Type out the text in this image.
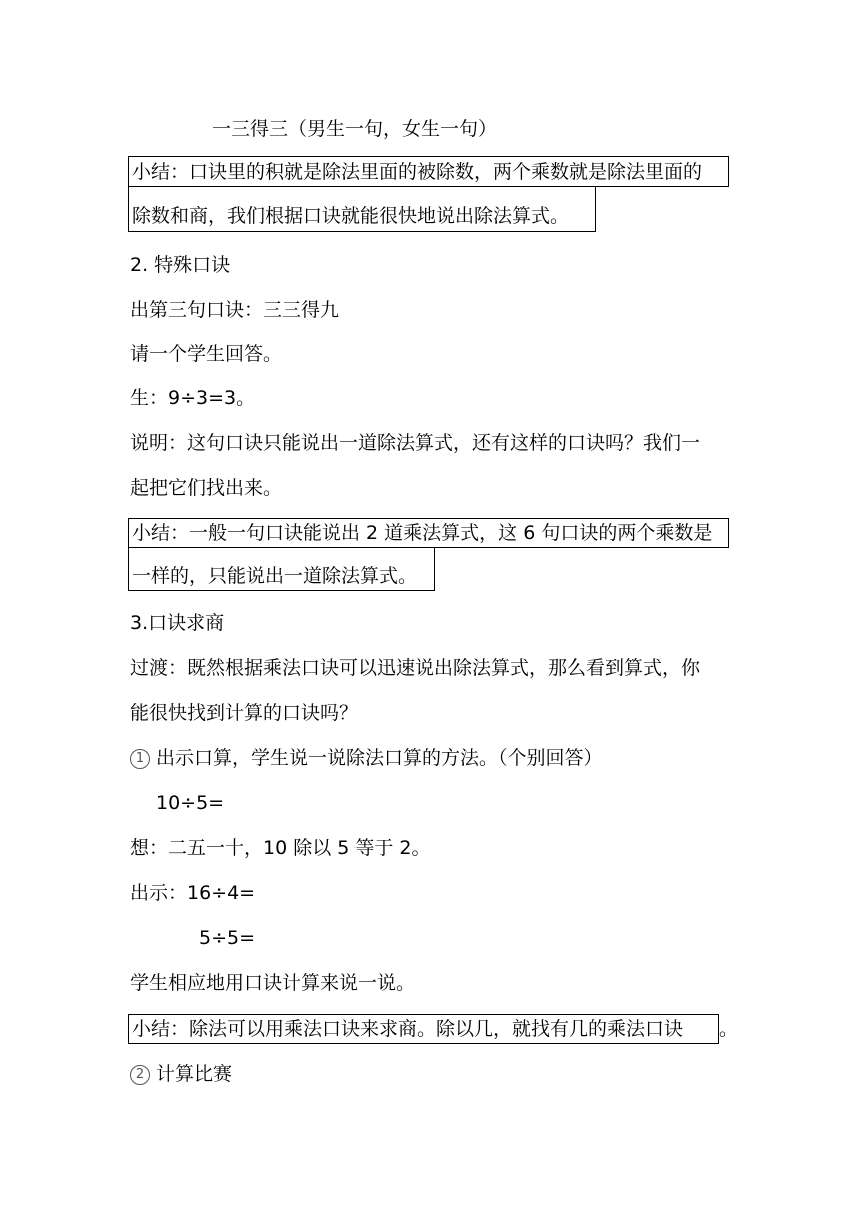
一三得三（男生一句，女生一句）
小结：口诀里的积就是除法里面的被除数，两个乘数就是除法里面的
除数和商，我们根据口诀就能很快地说出除法算式。
2. 特殊口诀
出第三句口诀：三三得九
请一个学生回答。
生：9÷3=3。
说明：这句口诀只能说出一道除法算式，还有这样的口诀吗？我们一
起把它们找出来。
小结：一般一句口诀能说出 2 道乘法算式，这 6 句口诀的两个乘数是
一样的，只能说出一道除法算式。
3.口诀求商
过渡：既然根据乘法口诀可以迅速说出除法算式，那么看到算式，你
能很快找到计算的口诀吗？
1 出示口算，学生说一说除法口算的方法。（个别回答）
10÷5=
想：二五一十，10 除以 5 等于 2。
出示：16÷4=
5÷5=
学生相应地用口诀计算来说一说。
小结：除法可以用乘法口诀来求商。除以几，就找有几的乘法口诀 。
2 计算比赛
